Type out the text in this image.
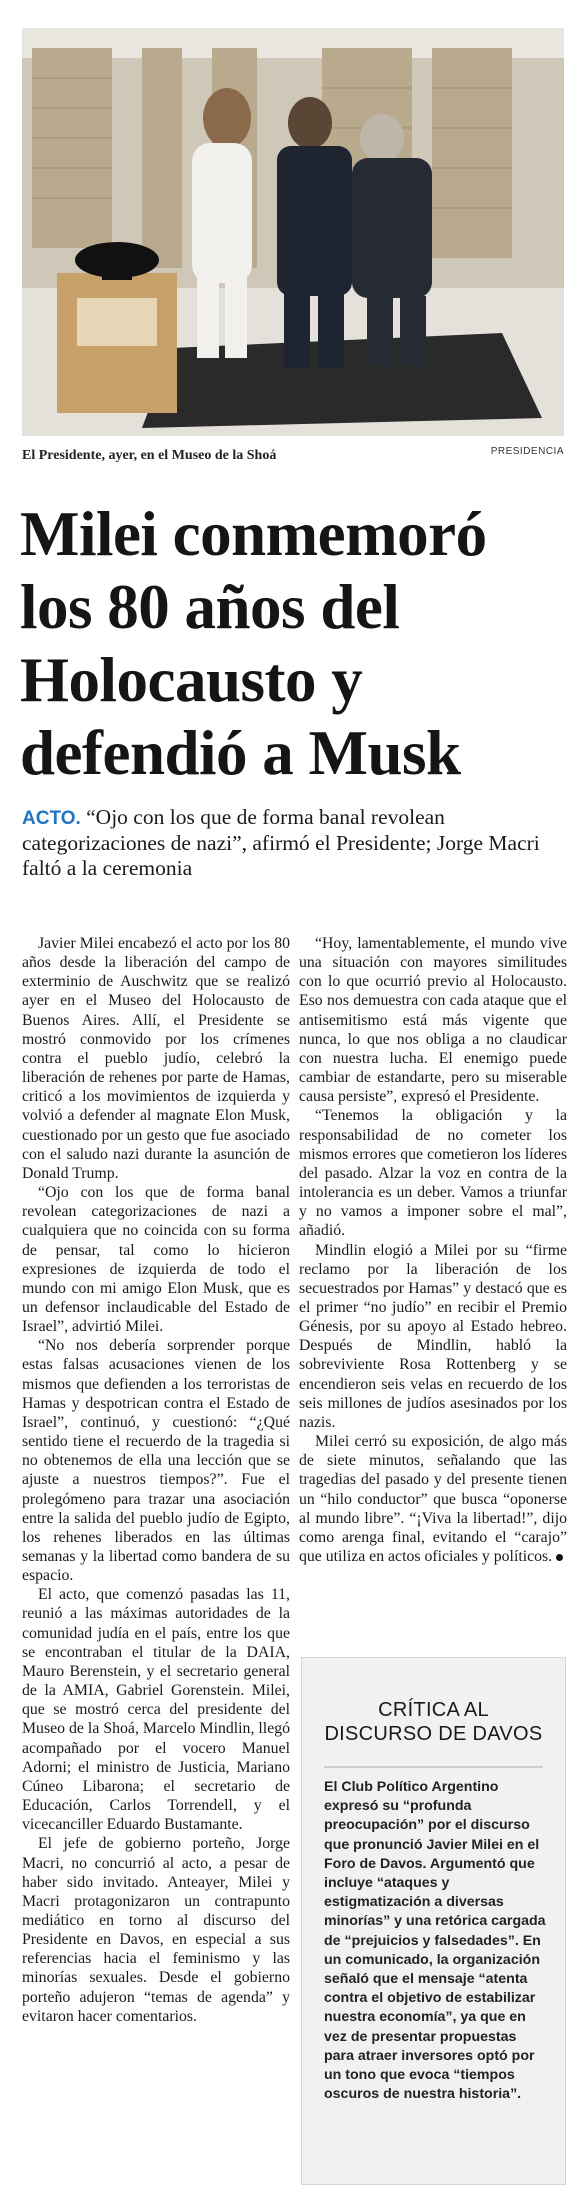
El Presidente, ayer, en el Museo de la Shoá	PRESIDENCIA
Milei conmemoró
los 80 años del
Holocausto y
defendió a Musk

ACTO. “Ojo con los que de forma banal revolean categorizaciones de nazi”, afirmó el Presidente; Jorge Macri faltó a la ceremonia

Javier Milei encabezó el acto por los 80 años desde la liberación del campo de exterminio de Auschwitz que se realizó ayer en el Museo del Holocausto de Buenos Aires. Allí, el Presidente se mostró conmovido por los crímenes contra el pueblo judío, celebró la liberación de rehenes por parte de Hamas, criticó a los movimientos de izquierda y volvió a defender al magnate Elon Musk, cuestionado por un gesto que fue asociado con el saludo nazi durante la asunción de Donald Trump.

“Ojo con los que de forma banal revolean categorizaciones de nazi a cualquiera que no coincida con su forma de pensar, tal como lo hicieron expresiones de izquierda de todo el mundo con mi amigo Elon Musk, que es un defensor inclaudicable del Estado de Israel”, advirtió Milei.

“No nos debería sorprender porque estas falsas acusaciones vienen de los mismos que defienden a los terroristas de Hamas y despotrican contra el Estado de Israel”, continuó, y cuestionó: “¿Qué sentido tiene el recuerdo de la tragedia si no obtenemos de ella una lección que se ajuste a nuestros tiempos?”. Fue el prolegómeno para trazar una asociación entre la salida del pueblo judío de Egipto, los rehenes liberados en las últimas semanas y la libertad como bandera de su espacio.

El acto, que comenzó pasadas las 11, reunió a las máximas autoridades de la comunidad judía en el país, entre los que se encontraban el titular de la DAIA, Mauro Berenstein, y el secretario general de la AMIA, Gabriel Gorenstein. Milei, que se mostró cerca del presidente del Museo de la Shoá, Marcelo Mindlin, llegó acompañado por el vocero Manuel Adorni; el ministro de Justicia, Mariano Cúneo Libarona; el secretario de Educación, Carlos Torrendell, y el vicecanciller Eduardo Bustamante.

El jefe de gobierno porteño, Jorge Macri, no concurrió al acto, a pesar de haber sido invitado. Anteayer, Milei y Macri protagonizaron un contrapunto mediático en torno al discurso del Presidente en Davos, en especial a sus referencias hacia el feminismo y las minorías sexuales. Desde el gobierno porteño adujeron “temas de agenda” y evitaron hacer comentarios.

“Hoy, lamentablemente, el mundo vive una situación con mayores similitudes con lo que ocurrió previo al Holocausto. Eso nos demuestra con cada ataque que el antisemitismo está más vigente que nunca, lo que nos obliga a no claudicar con nuestra lucha. El enemigo puede cambiar de estandarte, pero su miserable causa persiste”, expresó el Presidente.

“Tenemos la obligación y la responsabilidad de no cometer los mismos errores que cometieron los líderes del pasado. Alzar la voz en contra de la intolerancia es un deber. Vamos a triunfar y no vamos a imponer sobre el mal”, añadió.

Mindlin elogió a Milei por su “firme reclamo por la liberación de los secuestrados por Hamas” y destacó que es el primer “no judío” en recibir el Premio Génesis, por su apoyo al Estado hebreo. Después de Mindlin, habló la sobreviviente Rosa Rottenberg y se encendieron seis velas en recuerdo de los seis millones de judíos asesinados por los nazis.

Milei cerró su exposición, de algo más de siete minutos, señalando que las tragedias del pasado y del presente tienen un “hilo conductor” que busca “oponerse al mundo libre”. “¡Viva la libertad!”, dijo como arenga final, evitando el “carajo” que utiliza en actos oficiales y políticos.

CRÍTICA AL
DISCURSO DE DAVOS

El Club Político Argentino expresó su “profunda preocupación” por el discurso que pronunció Javier Milei en el Foro de Davos. Argumentó que incluye “ataques y estigmatización a diversas minorías” y una retórica cargada de “prejuicios y falsedades”. En un comunicado, la organización señaló que el mensaje “atenta contra el objetivo de estabilizar nuestra economía”, ya que en vez de presentar propuestas para atraer inversores optó por un tono que evoca “tiempos oscuros de nuestra historia”.
